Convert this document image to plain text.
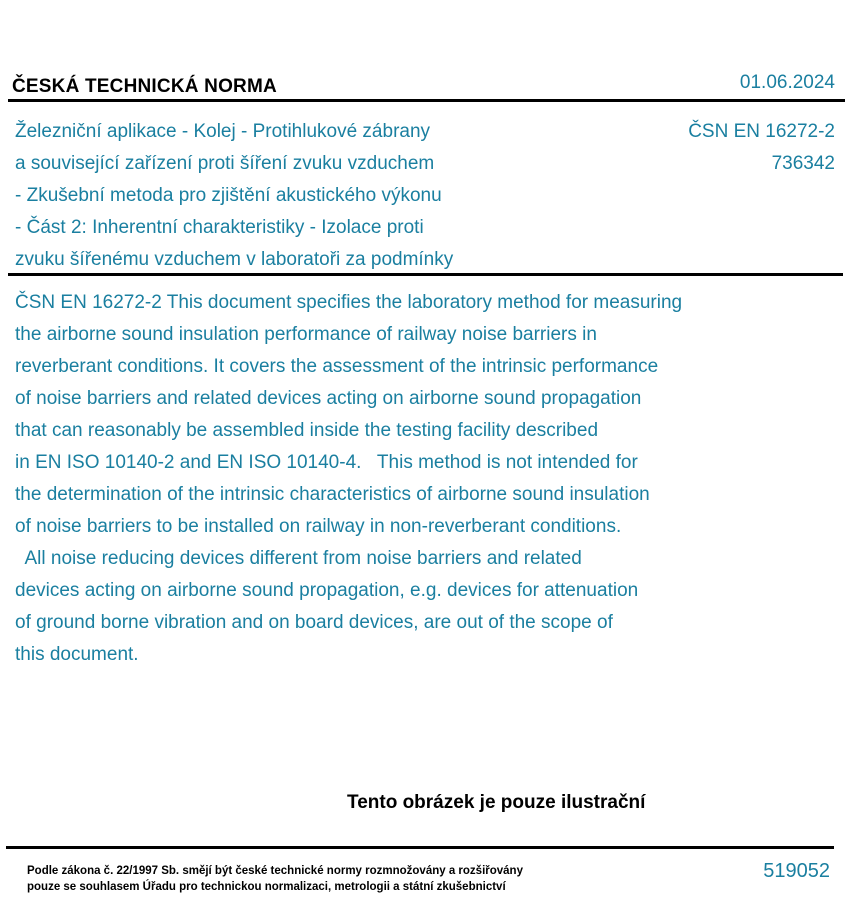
ČESKÁ TECHNICKÁ NORMA	01.06.2024
Železniční aplikace - Kolej - Protihlukové zábrany
a související zařízení proti šíření zvuku vzduchem
- Zkušební metoda pro zjištění akustického výkonu
- Část 2: Inherentní charakteristiky - Izolace proti
zvuku šířenému vzduchem v laboratoři za podmínky
ČSN EN 16272-2
736342
ČSN EN 16272-2 This document specifies the laboratory method for measuring
the airborne sound insulation performance of railway noise barriers in
reverberant conditions. It covers the assessment of the intrinsic performance
of noise barriers and related devices acting on airborne sound propagation
that can reasonably be assembled inside the testing facility described
in EN ISO 10140-2 and EN ISO 10140-4.   This method is not intended for
the determination of the intrinsic characteristics of airborne sound insulation
of noise barriers to be installed on railway in non-reverberant conditions.
All noise reducing devices different from noise barriers and related
devices acting on airborne sound propagation, e.g. devices for attenuation
of ground borne vibration and on board devices, are out of the scope of
this document.
Tento obrázek je pouze ilustrační
Podle zákona č. 22/1997 Sb. smějí být české technické normy rozmnožovány a rozšiřovány
pouze se souhlasem Úřadu pro technickou normalizaci, metrologii a státní zkušebnictví
519052
